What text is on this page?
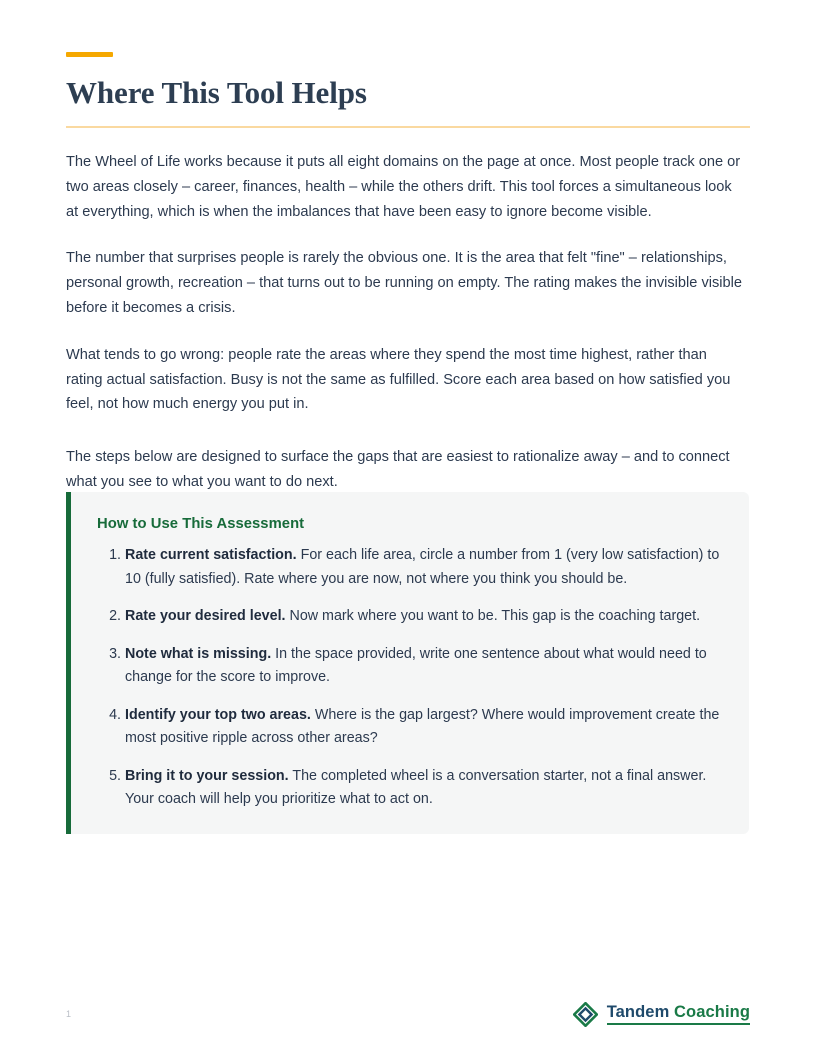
Where This Tool Helps

The Wheel of Life works because it puts all eight domains on the page at once. Most people track one or two areas closely – career, finances, health – while the others drift. This tool forces a simultaneous look at everything, which is when the imbalances that have been easy to ignore become visible.

The number that surprises people is rarely the obvious one. It is the area that felt "fine" – relationships, personal growth, recreation – that turns out to be running on empty. The rating makes the invisible visible before it becomes a crisis.

What tends to go wrong: people rate the areas where they spend the most time highest, rather than rating actual satisfaction. Busy is not the same as fulfilled. Score each area based on how satisfied you feel, not how much energy you put in.

The steps below are designed to surface the gaps that are easiest to rationalize away – and to connect what you see to what you want to do next.

How to Use This Assessment
1. Rate current satisfaction. For each life area, circle a number from 1 (very low satisfaction) to 10 (fully satisfied). Rate where you are now, not where you think you should be.
2. Rate your desired level. Now mark where you want to be. This gap is the coaching target.
3. Note what is missing. In the space provided, write one sentence about what would need to change for the score to improve.
4. Identify your top two areas. Where is the gap largest? Where would improvement create the most positive ripple across other areas?
5. Bring it to your session. The completed wheel is a conversation starter, not a final answer. Your coach will help you prioritize what to act on.
1	Tandem Coaching
